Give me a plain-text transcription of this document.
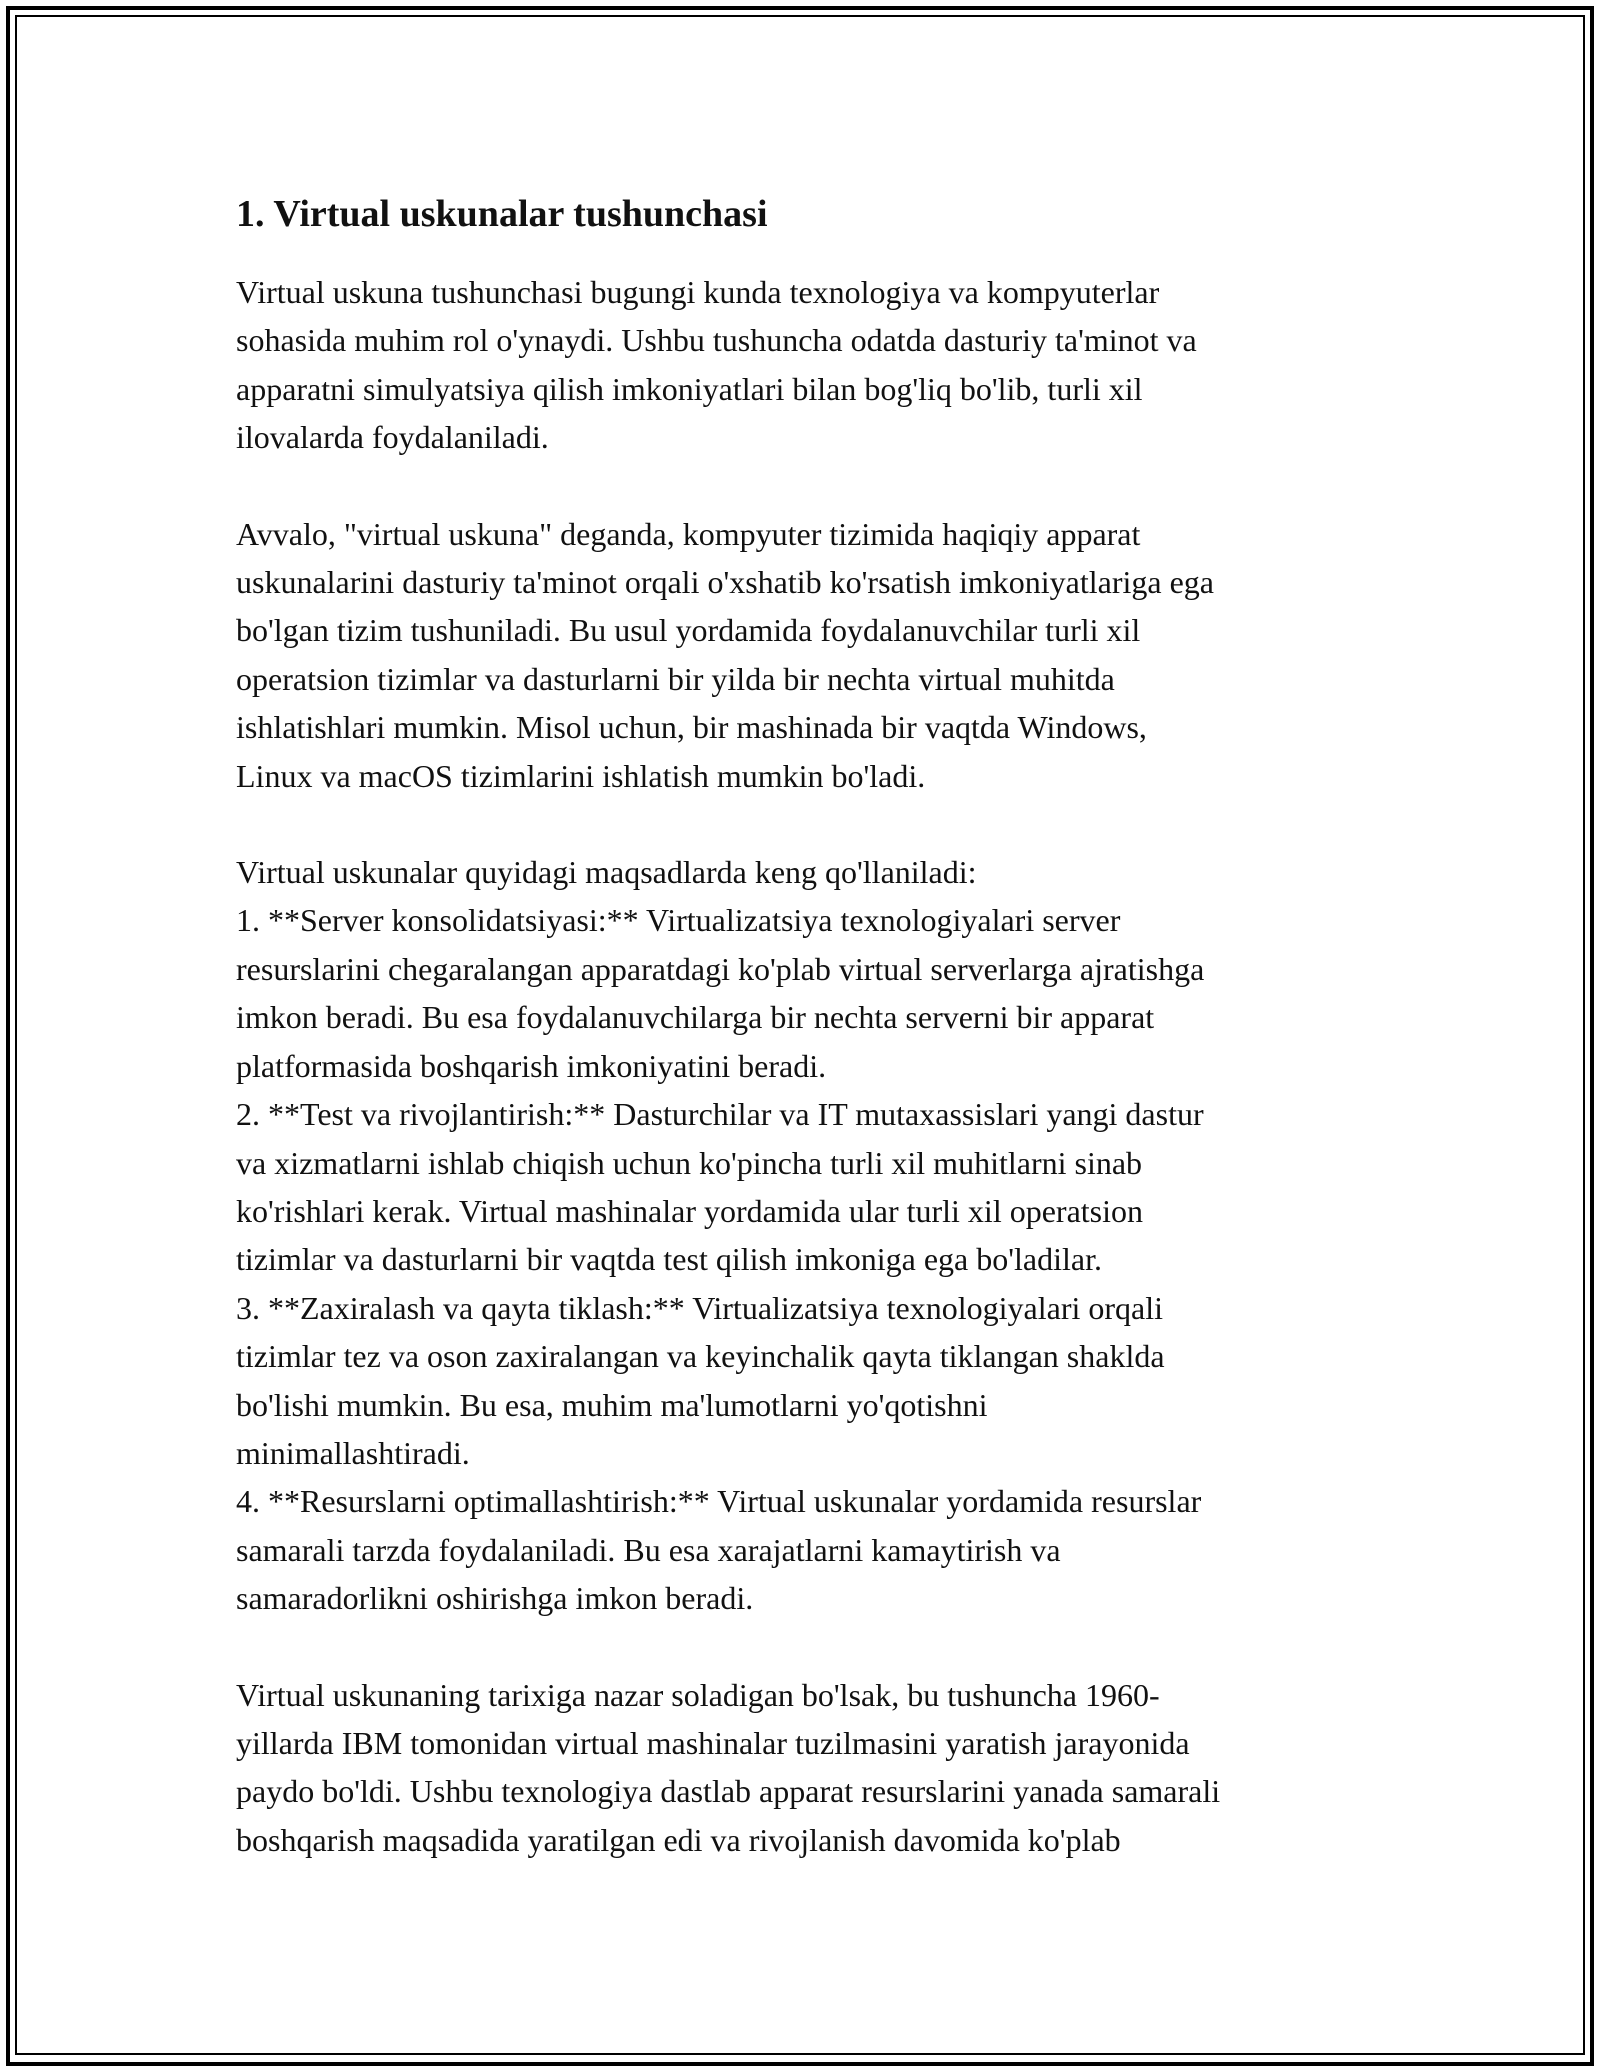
1. Virtual uskunalar tushunchasi

Virtual uskuna tushunchasi bugungi kunda texnologiya va kompyuterlar
sohasida muhim rol o'ynaydi. Ushbu tushuncha odatda dasturiy ta'minot va
apparatni simulyatsiya qilish imkoniyatlari bilan bog'liq bo'lib, turli xil
ilovalarda foydalaniladi.

Avvalo, "virtual uskuna" deganda, kompyuter tizimida haqiqiy apparat
uskunalarini dasturiy ta'minot orqali o'xshatib ko'rsatish imkoniyatlariga ega
bo'lgan tizim tushuniladi. Bu usul yordamida foydalanuvchilar turli xil
operatsion tizimlar va dasturlarni bir yilda bir nechta virtual muhitda
ishlatishlari mumkin. Misol uchun, bir mashinada bir vaqtda Windows,
Linux va macOS tizimlarini ishlatish mumkin bo'ladi.

Virtual uskunalar quyidagi maqsadlarda keng qo'llaniladi:
1. **Server konsolidatsiyasi:** Virtualizatsiya texnologiyalari server
resurslarini chegaralangan apparatdagi ko'plab virtual serverlarga ajratishga
imkon beradi. Bu esa foydalanuvchilarga bir nechta serverni bir apparat
platformasida boshqarish imkoniyatini beradi.
2. **Test va rivojlantirish:** Dasturchilar va IT mutaxassislari yangi dastur
va xizmatlarni ishlab chiqish uchun ko'pincha turli xil muhitlarni sinab
ko'rishlari kerak. Virtual mashinalar yordamida ular turli xil operatsion
tizimlar va dasturlarni bir vaqtda test qilish imkoniga ega bo'ladilar.
3. **Zaxiralash va qayta tiklash:** Virtualizatsiya texnologiyalari orqali
tizimlar tez va oson zaxiralangan va keyinchalik qayta tiklangan shaklda
bo'lishi mumkin. Bu esa, muhim ma'lumotlarni yo'qotishni
minimallashtiradi.
4. **Resurslarni optimallashtirish:** Virtual uskunalar yordamida resurslar
samarali tarzda foydalaniladi. Bu esa xarajatlarni kamaytirish va
samaradorlikni oshirishga imkon beradi.

Virtual uskunaning tarixiga nazar soladigan bo'lsak, bu tushuncha 1960-
yillarda IBM tomonidan virtual mashinalar tuzilmasini yaratish jarayonida
paydo bo'ldi. Ushbu texnologiya dastlab apparat resurslarini yanada samarali
boshqarish maqsadida yaratilgan edi va rivojlanish davomida ko'plab
